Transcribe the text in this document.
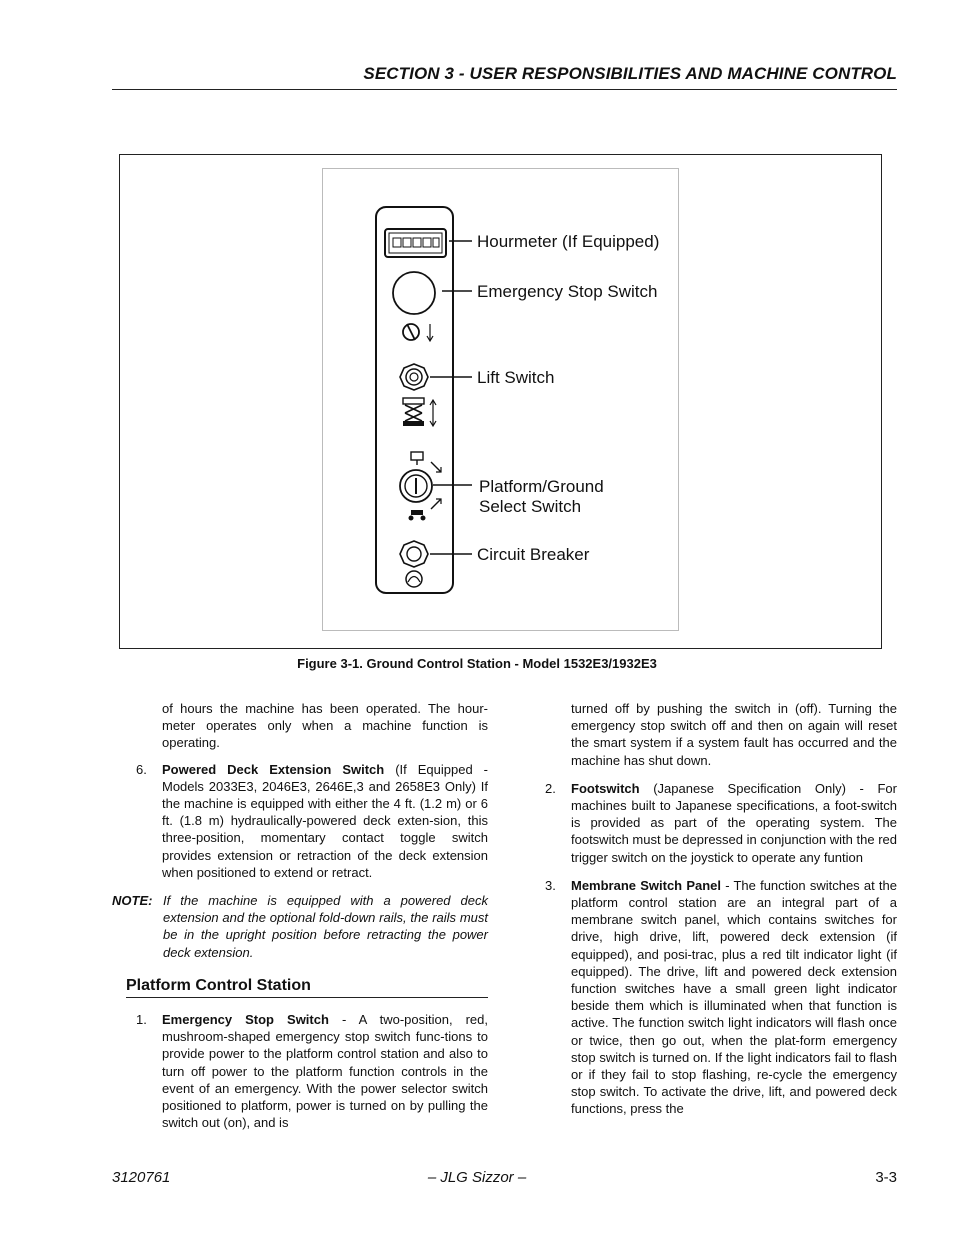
SECTION 3 - USER RESPONSIBILITIES AND MACHINE CONTROL
Hourmeter (If Equipped)
Emergency Stop Switch
Lift Switch
Platform/Ground
Select Switch
Circuit Breaker
Figure 3-1. Ground Control Station - Model 1532E3/1932E3

of hours the machine has been operated. The hour-meter operates only when a machine function is operating.

6. Powered Deck Extension Switch (If Equipped - Models 2033E3, 2046E3, 2646E,3 and 2658E3 Only) If the machine is equipped with either the 4 ft. (1.2 m) or 6 ft. (1.8 m) hydraulically-powered deck exten-sion, this three-position, momentary contact toggle switch provides extension or retraction of the deck extension when positioned to extend or retract.

NOTE: If the machine is equipped with a powered deck extension and the optional fold-down rails, the rails must be in the upright position before retracting the power deck extension.

Platform Control Station
1. Emergency Stop Switch - A two-position, red, mushroom-shaped emergency stop switch func-tions to provide power to the platform control station and also to turn off power to the platform function controls in the event of an emergency. With the power selector switch positioned to platform, power is turned on by pulling the switch out (on), and is

turned off by pushing the switch in (off). Turning the emergency stop switch off and then on again will reset the smart system if a system fault has occurred and the machine has shut down.

2. Footswitch (Japanese Specification Only) - For machines built to Japanese specifications, a foot-switch is provided as part of the operating system. The footswitch must be depressed in conjunction with the red trigger switch on the joystick to operate any funtion

3. Membrane Switch Panel - The function switches at the platform control station are an integral part of a membrane switch panel, which contains switches for drive, high drive, lift, powered deck extension (if equipped), and posi-trac, plus a red tilt indicator light (if equipped). The drive, lift and powered deck extension function switches have a small green light indicator beside them which is illuminated when that function is active. The function switch light indicators will flash once or twice, then go out, when the plat-form emergency stop switch is turned on. If the light indicators fail to flash or if they fail to stop flashing, re-cycle the emergency stop switch. To activate the drive, lift, and powered deck functions, press the

3120761	– JLG Sizzor –	3-3
